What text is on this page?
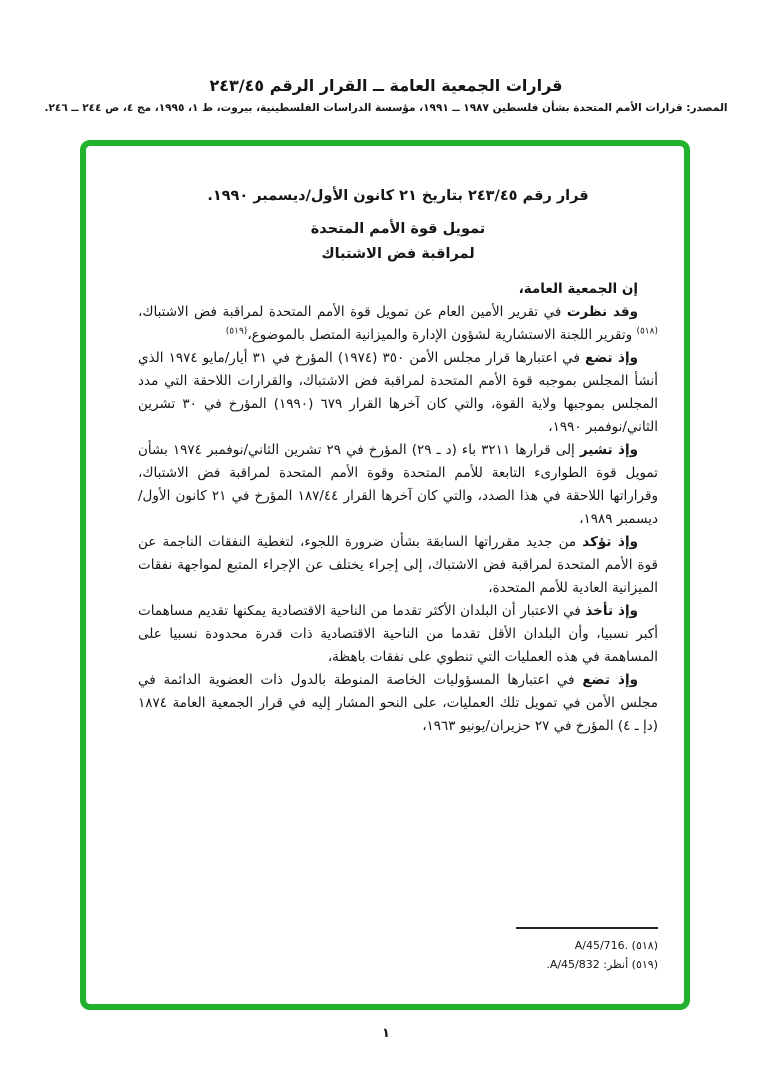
قرارات الجمعية العامة ــ القرار الرقم ٢٤٣/٤٥
المصدر: قرارات الأمم المتحدة بشأن فلسطين ١٩٨٧ ــ ١٩٩١، مؤسسة الدراسات الفلسطينية، بيروت، ط ١، ١٩٩٥، مج ٤، ص ٢٤٤ ــ ٢٤٦.
قرار رقم ٢٤٣/٤٥ بتاريخ ٢١ كانون الأول/ديسمبر ١٩٩٠.
تمويل قوة الأمم المتحدة
لمراقبة فض الاشتباك

إن الجمعية العامة،

وقد نظرت في تقرير الأمين العام عن تمويل قوة الأمم المتحدة لمراقبة فض الاشتباك،$^{(٥١٨)}$ وتقرير اللجنة الاستشارية لشؤون الإدارة والميزانية المتصل بالموضوع،$^{(٥١٩)}$

وإذ تضع في اعتبارها قرار مجلس الأمن ٣٥٠ (١٩٧٤) المؤرخ في ٣١ أيار/مايو ١٩٧٤ الذي أنشأ المجلس بموجبه قوة الأمم المتحدة لمراقبة فض الاشتباك، والقرارات اللاحقة التي مدد المجلس بموجبها ولاية القوة، والتي كان آخرها القرار ٦٧٩ (١٩٩٠) المؤرخ في ٣٠ تشرين الثاني/نوفمبر ١٩٩٠،

وإذ تشير إلى قرارها ٣٢١١ باء (د ـ ٢٩) المؤرخ في ٢٩ تشرين الثاني/نوفمبر ١٩٧٤ بشأن تمويل قوة الطوارىء التابعة للأمم المتحدة وقوة الأمم المتحدة لمراقبة فض الاشتباك، وقراراتها اللاحقة في هذا الصدد، والتي كان آخرها القرار ١٨٧/٤٤ المؤرخ في ٢١ كانون الأول/ديسمبر ١٩٨٩،

وإذ تؤكد من جديد مقرراتها السابقة بشأن ضرورة اللجوء، لتغطية النفقات الناجمة عن قوة الأمم المتحدة لمراقبة فض الاشتباك، إلى إجراء يختلف عن الإجراء المتبع لمواجهة نفقات الميزانية العادية للأمم المتحدة،

وإذ تأخذ في الاعتبار أن البلدان الأكثر تقدما من الناحية الاقتصادية يمكنها تقديم مساهمات أكبر نسبيا، وأن البلدان الأقل تقدما من الناحية الاقتصادية ذات قدرة محدودة نسبيا على المساهمة في هذه العمليات التي تنطوي على نفقات باهظة،

وإذ تضع في اعتبارها المسؤوليات الخاصة المنوطة بالدول ذات العضوية الدائمة في مجلس الأمن في تمويل تلك العمليات، على النحو المشار إليه في قرار الجمعية العامة ١٨٧٤ (دإ ـ ٤) المؤرخ في ٢٧ حزيران/يونيو ١٩٦٣،

(٥١٨) A/45/716.
(٥١٩) أنظر: A/45/832.
١
